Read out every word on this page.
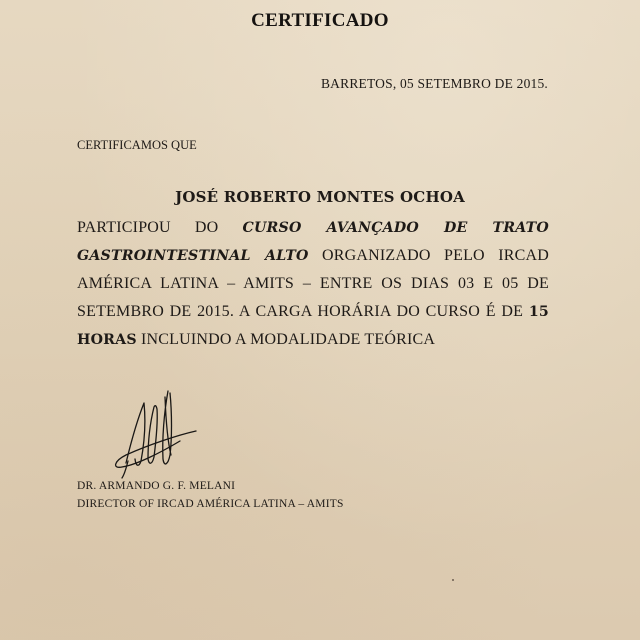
CERTIFICADO
BARRETOS, 05 SETEMBRO DE 2015.
CERTIFICAMOS QUE
JOSÉ ROBERTO MONTES OCHOA
PARTICIPOU DO CURSO AVANÇADO DE TRATO GASTROINTESTINAL ALTO ORGANIZADO PELO IRCAD AMÉRICA LATINA – AMITS – ENTRE OS DIAS 03 E 05 DE SETEMBRO DE 2015. A CARGA HORÁRIA DO CURSO É DE 15 HORAS INCLUINDO A MODALIDADE TEÓRICA
DR. ARMANDO G. F. MELANI
DIRECTOR OF IRCAD AMÉRICA LATINA – AMITS
